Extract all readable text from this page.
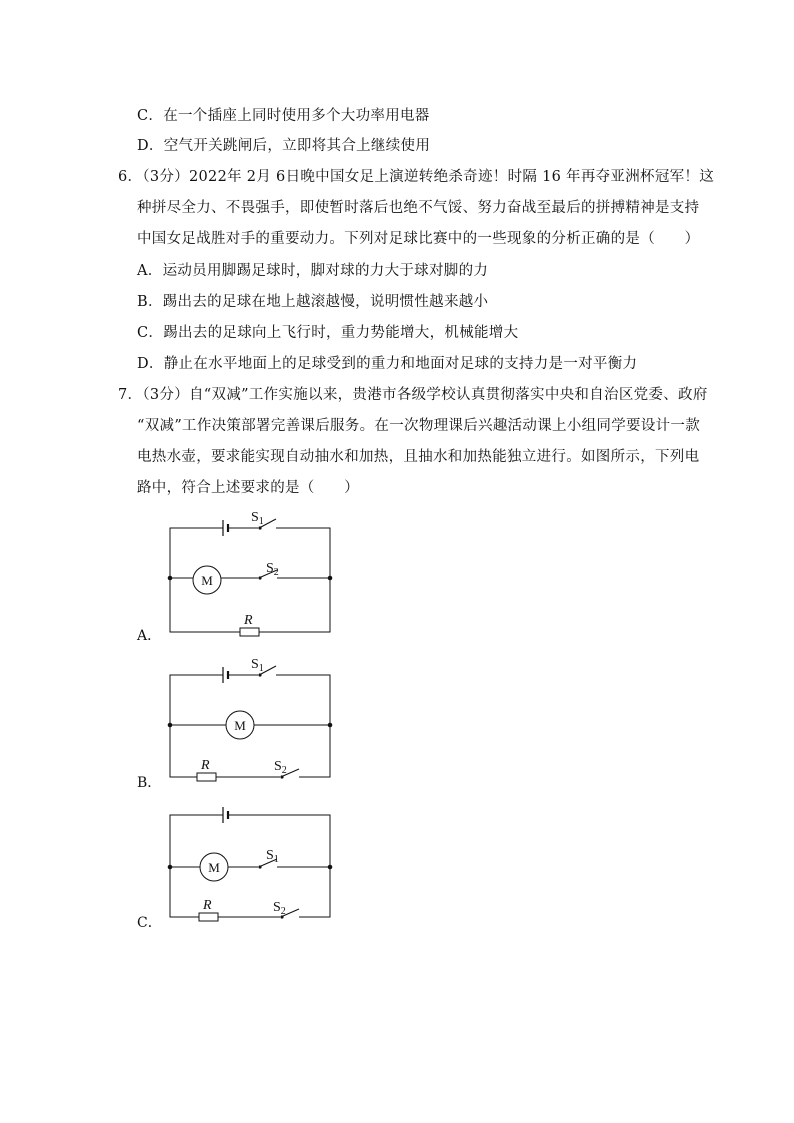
C．在一个插座上同时使用多个大功率用电器
D．空气开关跳闸后，立即将其合上继续使用
6．（3分）2022年 2月 6日晚中国女足上演逆转绝杀奇迹！时隔 16 年再夺亚洲杯冠军！这
种拼尽全力、不畏强手，即使暂时落后也绝不气馁、努力奋战至最后的拼搏精神是支持
中国女足战胜对手的重要动力。下列对足球比赛中的一些现象的分析正确的是（　　）
A．运动员用脚踢足球时，脚对球的力大于球对脚的力
B．踢出去的足球在地上越滚越慢，说明惯性越来越小
C．踢出去的足球向上飞行时，重力势能增大，机械能增大
D．静止在水平地面上的足球受到的重力和地面对足球的支持力是一对平衡力
7．（3分）自“双减”工作实施以来，贵港市各级学校认真贯彻落实中央和自治区党委、政府
“双减”工作决策部署完善课后服务。在一次物理课后兴趣活动课上小组同学要设计一款
电热水壶，要求能实现自动抽水和加热，且抽水和加热能独立进行。如图所示，下列电
路中，符合上述要求的是（　　）
A．
B．
C．
$S_1$
M
$S_2$
R
$S_1$
M
R	$S_2$
M
$S_1$
R	$S_2$
